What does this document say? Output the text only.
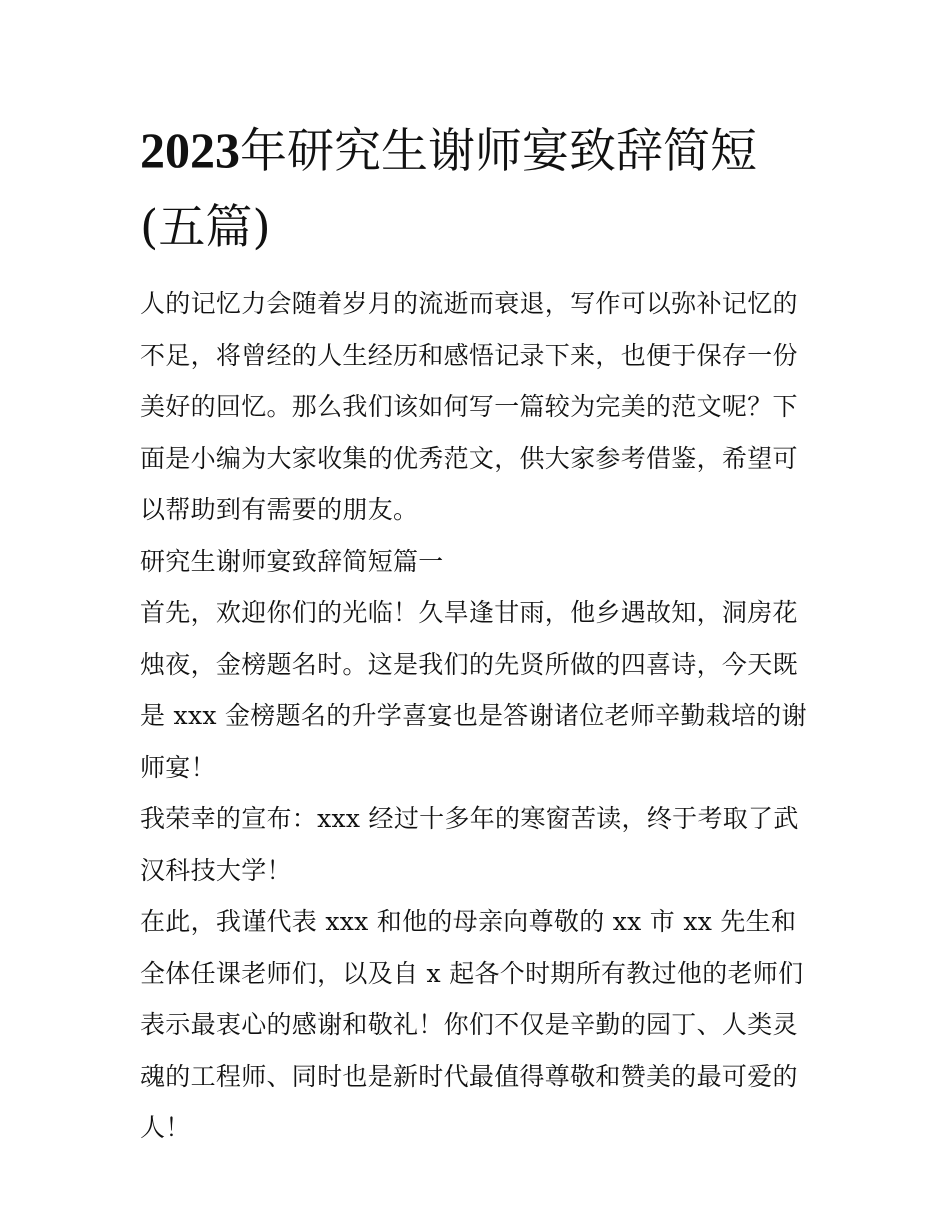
2023年研究生谢师宴致辞简短(五篇)

人的记忆力会随着岁月的流逝而衰退，写作可以弥补记忆的不足，将曾经的人生经历和感悟记录下来，也便于保存一份美好的回忆。那么我们该如何写一篇较为完美的范文呢？下面是小编为大家收集的优秀范文，供大家参考借鉴，希望可以帮助到有需要的朋友。

研究生谢师宴致辞简短篇一

首先，欢迎你们的光临！久旱逢甘雨，他乡遇故知，洞房花烛夜，金榜题名时。这是我们的先贤所做的四喜诗，今天既是 xxx 金榜题名的升学喜宴也是答谢诸位老师辛勤栽培的谢师宴！

我荣幸的宣布：xxx 经过十多年的寒窗苦读，终于考取了武汉科技大学！

在此，我谨代表 xxx 和他的母亲向尊敬的 xx 市 xx 先生和全体任课老师们，以及自 x 起各个时期所有教过他的老师们表示最衷心的感谢和敬礼！你们不仅是辛勤的园丁、人类灵魂的工程师、同时也是新时代最值得尊敬和赞美的最可爱的人！
